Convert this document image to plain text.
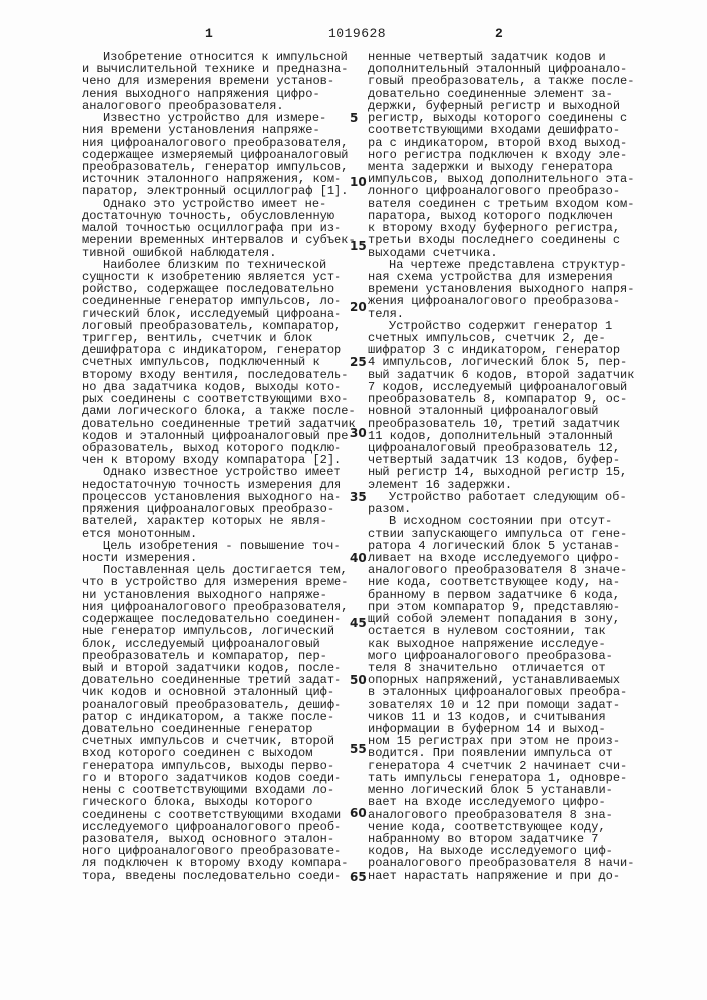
1	1019628	2
Изобретение относится к импульсной
и вычислительной технике и предназна-
чено для измерения времени установ-
ления выходного напряжения цифро-
аналогового преобразователя.
Известно устройство для измере-
ния времени установления напряже-
ния цифроаналогового преобразователя,
содержащее измеряемый цифроаналоговый
преобразователь, генератор импульсов,
источник эталонного напряжения, ком-
паратор, электронный осциллограф [1].
Однако это устройство имеет не-
достаточную точность, обусловленную
малой точностью осциллографа при из-
мерении временных интервалов и субъек-
тивной ошибкой наблюдателя.
Наиболее близким по технической
сущности к изобретению является уст-
ройство, содержащее последовательно
соединенные генератор импульсов, ло-
гический блок, исследуемый цифроана-
логовый преобразователь, компаратор,
триггер, вентиль, счетчик и блок
дешифратора с индикатором, генератор
счетных импульсов, подключенный к
второму входу вентиля, последователь-
но два задатчика кодов, выходы кото-
рых соединены с соответствующими вхо-
дами логического блока, а также после-
довательно соединенные третий задатчик
кодов и эталонный цифроаналоговый пре-
образователь, выход которого подклю-
чен к второму входу компаратора [2].
Однако известное устройство имеет
недостаточную точность измерения для
процессов установления выходного на-
пряжения цифроаналоговых преобразо-
вателей, характер которых не явля-
ется монотонным.
Цель изобретения - повышение точ-
ности измерения.
Поставленная цель достигается тем,
что в устройство для измерения време-
ни установления выходного напряже-
ния цифроаналогового преобразователя,
содержащее последовательно соединен-
ные генератор импульсов, логический
блок, исследуемый цифроаналоговый
преобразователь и компаратор, пер-
вый и второй задатчики кодов, после-
довательно соединенные третий задат-
чик кодов и основной эталонный циф-
роаналоговый преобразователь, дешиф-
ратор с индикатором, а также после-
довательно соединенные генератор
счетных импульсов и счетчик, второй
вход которого соединен с выходом
генератора импульсов, выходы перво-
го и второго задатчиков кодов соеди-
нены с соответствующими входами ло-
гического блока, выходы которого
соединены с соответствующими входами
исследуемого цифроаналогового преоб-
разователя, выход основного эталон-
ного цифроаналогового преобразовате-
ля подключен к второму входу компара-
тора, введены последовательно соеди-
ненные четвертый задатчик кодов и
дополнительный эталонный цифроанало-
говый преобразователь, а также после-
довательно соединенные элемент за-
держки, буферный регистр и выходной
регистр, выходы которого соединены с
соответствующими входами дешифрато-
ра с индикатором, второй вход выход-
ного регистра подключен к входу эле-
мента задержки и выходу генератора
импульсов, выход дополнительного эта-
лонного цифроаналогового преобразо-
вателя соединен с третьим входом ком-
паратора, выход которого подключен
к второму входу буферного регистра,
третьи входы последнего соединены с
выходами счетчика.
На чертеже представлена структур-
ная схема устройства для измерения
времени установления выходного напря-
жения цифроаналогового преобразова-
теля.
Устройство содержит генератор 1
счетных импульсов, счетчик 2, де-
шифратор 3 с индикатором, генератор
4 импульсов, логический блок 5, пер-
вый задатчик 6 кодов, второй задатчик
7 кодов, исследуемый цифроаналоговый
преобразователь 8, компаратор 9, ос-
новной эталонный цифроаналоговый
преобразователь 10, третий задатчик
11 кодов, дополнительный эталонный
цифроаналоговый преобразователь 12,
четвертый задатчик 13 кодов, буфер-
ный регистр 14, выходной регистр 15,
элемент 16 задержки.
Устройство работает следующим об-
разом.
В исходном состоянии при отсут-
ствии запускающего импульса от гене-
ратора 4 логический блок 5 устанав-
ливает на входе исследуемого цифро-
аналогового преобразователя 8 значе-
ние кода, соответствующее коду, на-
бранному в первом задатчике 6 кода,
при этом компаратор 9, представляю-
щий собой элемент попадания в зону,
остается в нулевом состоянии, так
как выходное напряжение исследуе-
мого цифроаналогового преобразова-
теля 8 значительно  отличается от
опорных напряжений, устанавливаемых
в эталонных цифроаналоговых преобра-
зователях 10 и 12 при помощи задат-
чиков 11 и 13 кодов, и считывания
информации в буферном 14 и выход-
ном 15 регистрах при этом не произ-
водится. При появлении импульса от
генератора 4 счетчик 2 начинает счи-
тать импульсы генератора 1, одновре-
менно логический блок 5 устанавли-
вает на входе исследуемого цифро-
аналогового преобразователя 8 зна-
чение кода, соответствующее коду,
набранному во втором задатчике 7
кодов, На выходе исследуемого циф-
роаналогового преобразователя 8 начи-
нает нарастать напряжение и при до-
5
10
15
20
25
30
35
40
45
50
55
60
65
